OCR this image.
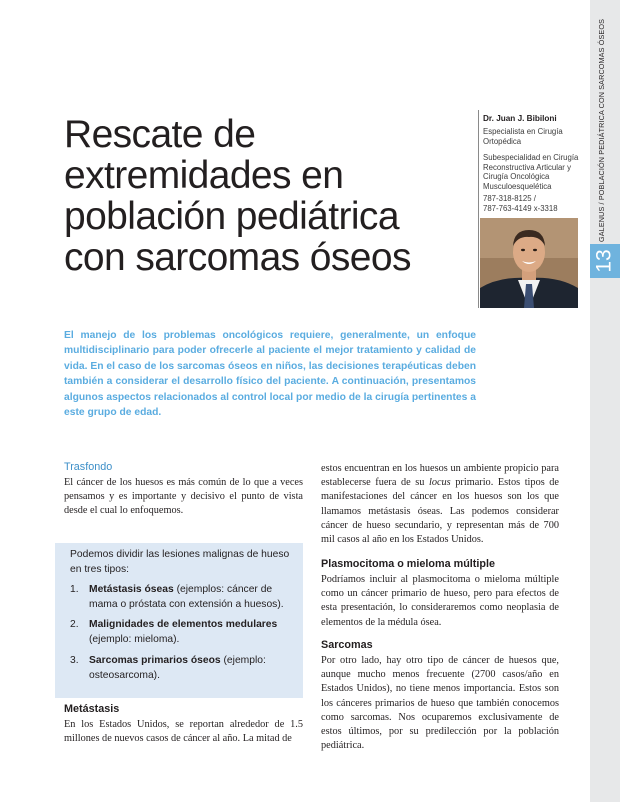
GALENUS / POBLACIÓN PEDIÁTRICA CON SARCOMAS ÓSEOS
13
Rescate de
extremidades en
población pediátrica
con sarcomas óseos
Dr. Juan J. Bibiloni
Especialista en Cirugía Ortopédica
Subespecialidad en Cirugía Reconstructiva Articular y Cirugía Oncológica Musculoesquelética
787-318-8125 /
787-763-4149 x-3318

El manejo de los problemas oncológicos requiere, generalmente, un enfoque multidisciplinario para poder ofrecerle al paciente el mejor tratamiento y calidad de vida. En el caso de los sarcomas óseos en niños, las decisiones terapéuticas deben también a considerar el desarrollo físico del paciente. A continuación, presentamos algunos aspectos relacionados al control local por medio de la cirugía pertinentes a este grupo de edad.

Trasfondo

El cáncer de los huesos es más común de lo que a veces pensamos y es importante y decisivo el punto de vista desde el cual lo enfoquemos.

Podemos dividir las lesiones malignas de hueso en tres tipos:

1. Metástasis óseas (ejemplos: cáncer de mama o próstata con extensión a huesos).
2. Malignidades de elementos medulares (ejemplo: mieloma).
3. Sarcomas primarios óseos (ejemplo: osteosarcoma).
Metástasis

En los Estados Unidos, se reportan alrededor de 1.5 millones de nuevos casos de cáncer al año. La mitad de

estos encuentran en los huesos un ambiente propicio para establecerse fuera de su locus primario. Estos tipos de manifestaciones del cáncer en los huesos son los que llamamos metástasis óseas. Las podemos considerar cáncer de hueso secundario, y representan más de 700 mil casos al año en los Estados Unidos.

Plasmocitoma o mieloma múltiple

Podríamos incluir al plasmocitoma o mieloma múltiple como un cáncer primario de hueso, pero para efectos de esta presentación, lo consideraremos como neoplasia de elementos de la médula ósea.

Sarcomas

Por otro lado, hay otro tipo de cáncer de huesos que, aunque mucho menos frecuente (2700 casos/año en Estados Unidos), no tiene menos importancia. Estos son los cánceres primarios de hueso que también conocemos como sarcomas. Nos ocuparemos exclusivamente de estos últimos, por su predilección por la población pediátrica.
